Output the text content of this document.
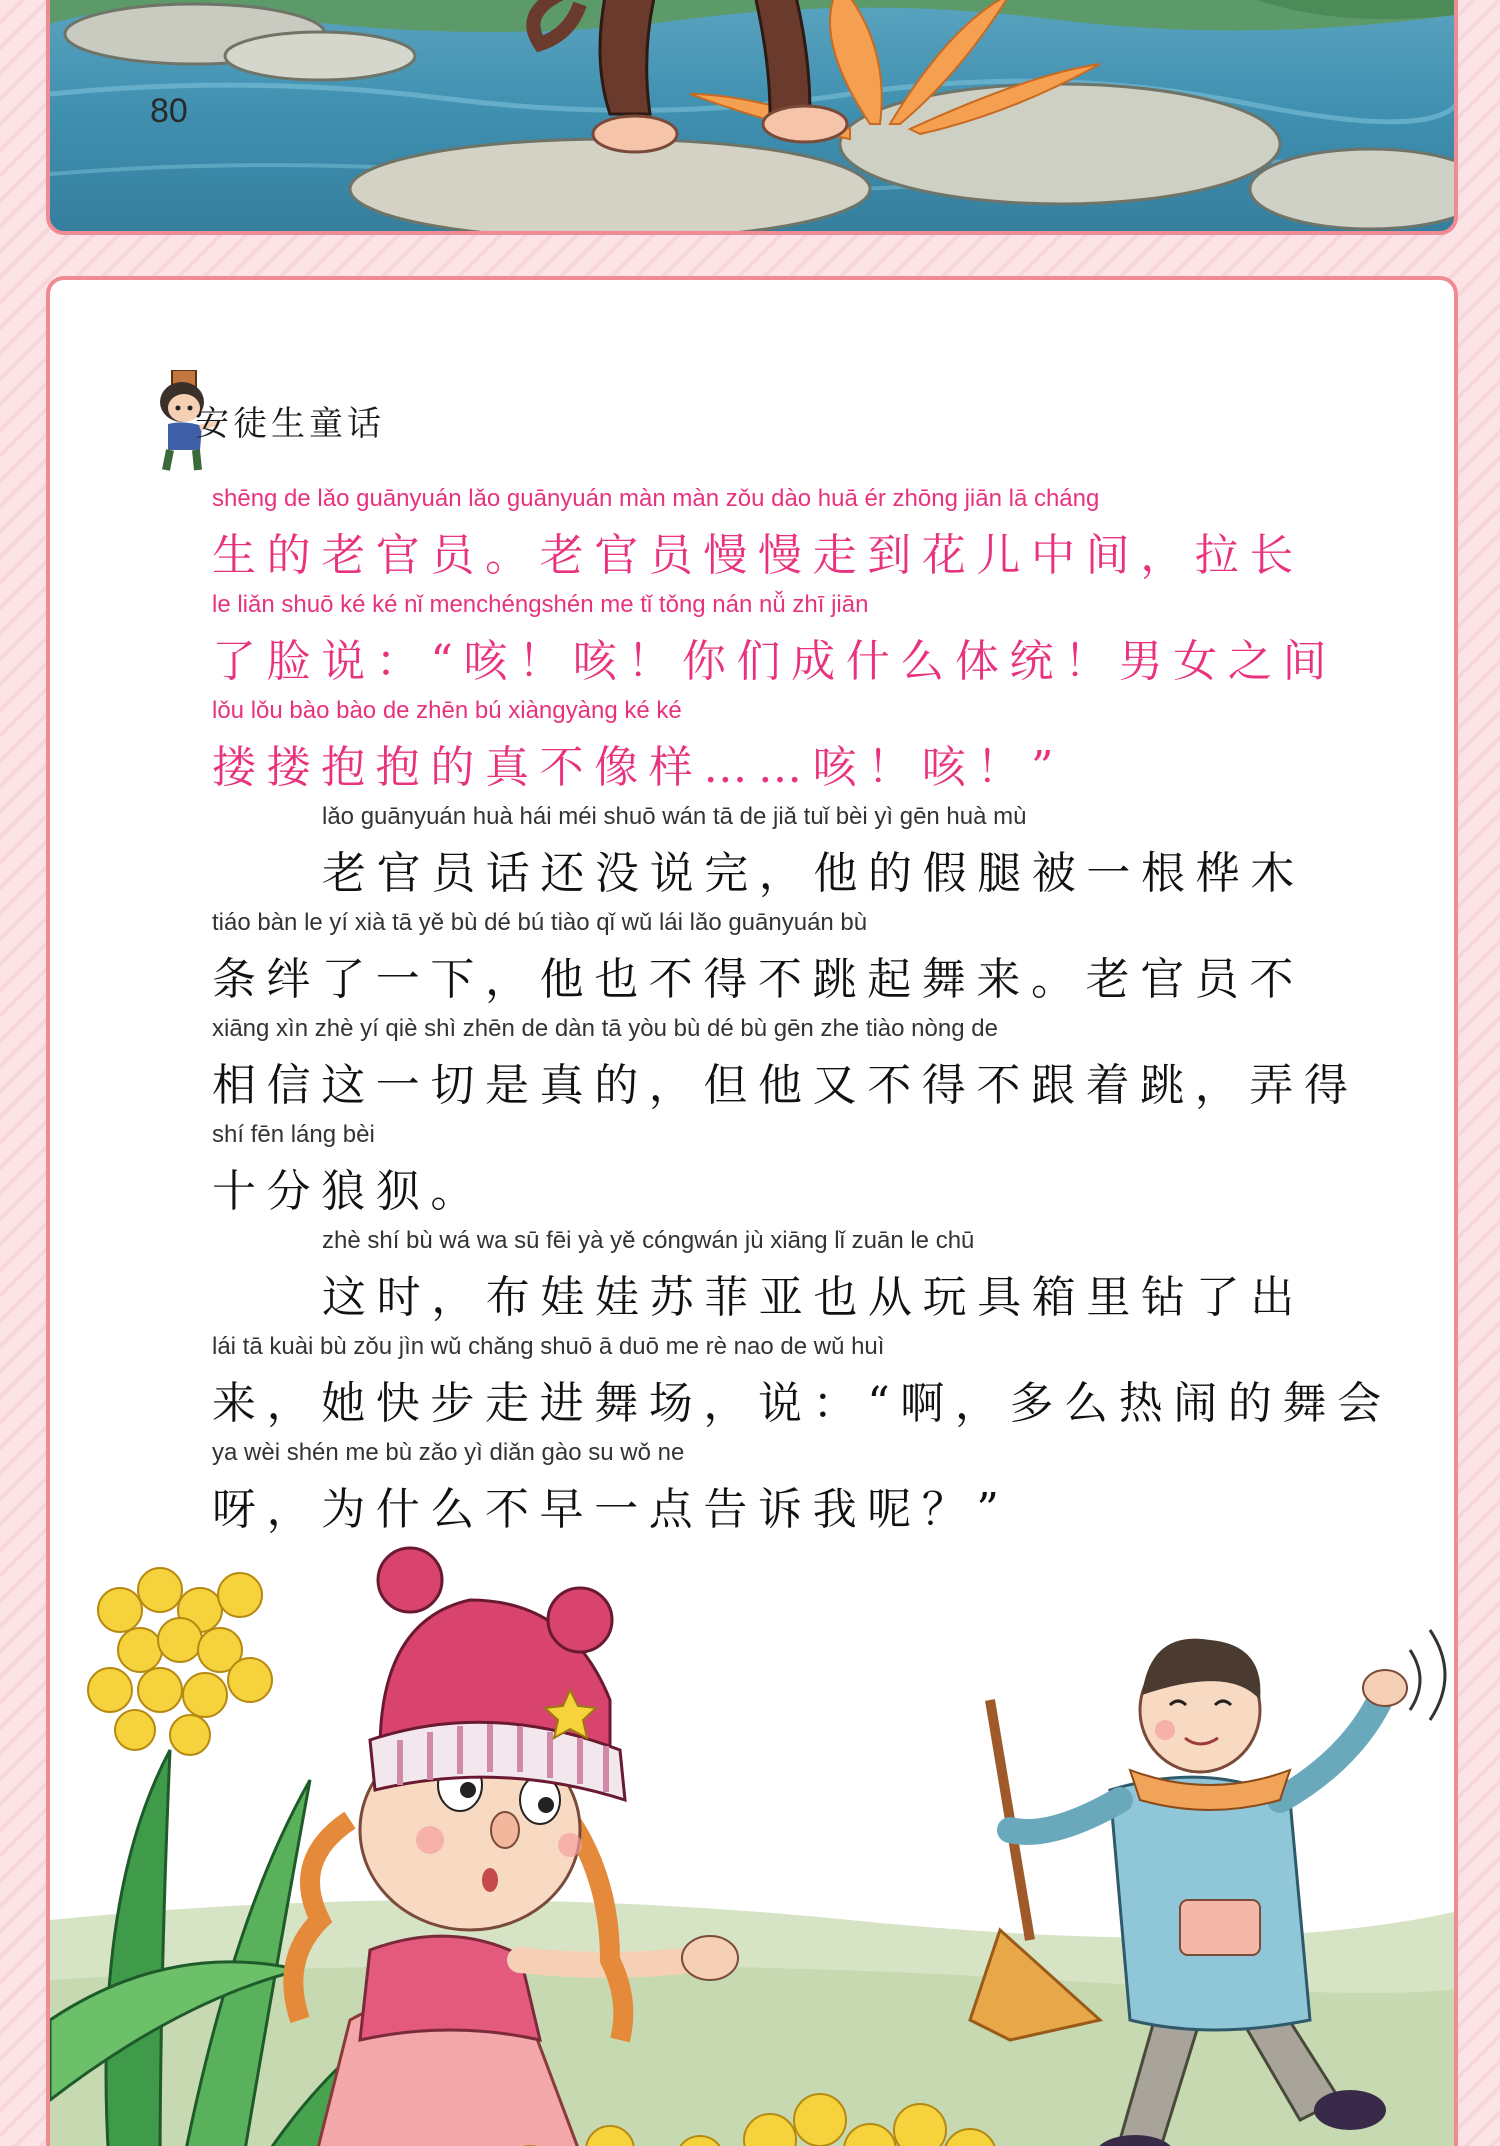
80
安徒生童话
shēng de lǎo guānyuán lǎo guānyuán màn màn zǒu dào huā ér zhōng jiān lā cháng
生的老官员。老官员慢慢走到花儿中间，拉长
le liǎn shuō ké ké nǐ menchéngshén me tǐ tǒng nán nǚ zhī jiān
了脸说：“咳！咳！你们成什么体统！男女之间
lǒu lǒu bào bào de zhēn bú xiàngyàng ké ké
搂搂抱抱的真不像样……咳！咳！”
lǎo guānyuán huà hái méi shuō wán tā de jiǎ tuǐ bèi yì gēn huà mù
老官员话还没说完，他的假腿被一根桦木
tiáo bàn le yí xià tā yě bù dé bú tiào qǐ wǔ lái lǎo guānyuán bù
条绊了一下，他也不得不跳起舞来。老官员不
xiāng xìn zhè yí qiè shì zhēn de dàn tā yòu bù dé bù gēn zhe tiào nòng de
相信这一切是真的，但他又不得不跟着跳，弄得
shí fēn láng bèi
十分狼狈。
zhè shí bù wá wa sū fēi yà yě cóngwán jù xiāng lǐ zuān le chū
这时，布娃娃苏菲亚也从玩具箱里钻了出
lái tā kuài bù zǒu jìn wǔ chǎng shuō ā duō me rè nao de wǔ huì
来，她快步走进舞场，说：“啊，多么热闹的舞会
ya wèi shén me bù zǎo yì diǎn gào su wǒ ne
呀，为什么不早一点告诉我呢？”
